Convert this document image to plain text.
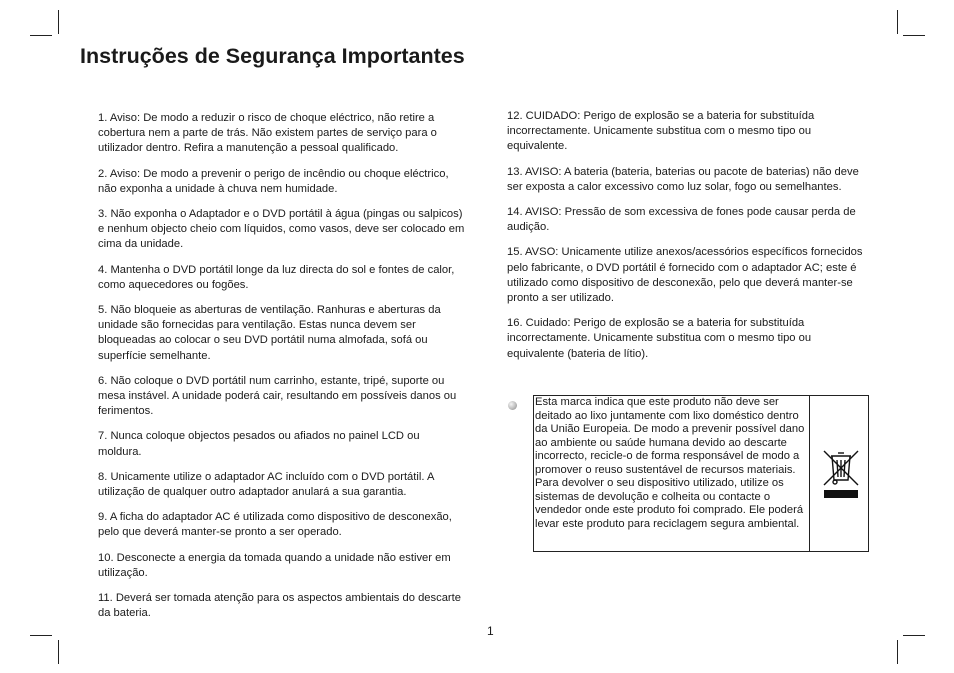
Instruções de Segurança Importantes

1. Aviso: De modo a reduzir o risco de choque eléctrico, não retire a cobertura nem a parte de trás. Não existem partes de serviço para o utilizador dentro. Refira a manutenção a pessoal qualificado.

2. Aviso: De modo a prevenir o perigo de incêndio ou choque eléctrico, não exponha a unidade à chuva nem humidade.

3. Não exponha o Adaptador e o DVD portátil à água (pingas ou salpicos) e nenhum objecto cheio com líquidos, como vasos, deve ser colocado em cima da unidade.

4. Mantenha o DVD portátil longe da luz directa do sol e fontes de calor, como aquecedores ou fogões.

5. Não bloqueie as aberturas de ventilação. Ranhuras e aberturas da unidade são fornecidas para ventilação. Estas nunca devem ser bloqueadas ao colocar o seu DVD portátil numa almofada, sofá ou superfície semelhante.

6. Não coloque o DVD portátil num carrinho, estante, tripé, suporte ou mesa instável. A unidade poderá cair, resultando em possíveis danos ou ferimentos.

7. Nunca coloque objectos pesados ou afiados no painel LCD ou moldura.

8. Unicamente utilize o adaptador AC incluído com o DVD portátil. A utilização de qualquer outro adaptador anulará a sua garantia.

9. A ficha do adaptador AC é utilizada como dispositivo de desconexão, pelo que deverá manter-se pronto a ser operado.

10. Desconecte a energia da tomada quando a unidade não estiver em utilização.

11. Deverá ser tomada atenção para os aspectos ambientais do descarte da bateria.

12. CUIDADO: Perigo de explosão se a bateria for substituída incorrectamente. Unicamente substitua com o mesmo tipo ou equivalente.

13. AVISO: A bateria (bateria, baterias ou pacote de baterias) não deve ser exposta a calor excessivo como luz solar, fogo ou semelhantes.

14. AVISO: Pressão de som excessiva de fones pode causar perda de audição.

15. AVSO: Unicamente utilize anexos/acessórios específicos fornecidos pelo fabricante, o DVD portátil é fornecido com o adaptador AC; este é utilizado como dispositivo de desconexão, pelo que deverá manter-se pronto a ser utilizado.

16. Cuidado: Perigo de explosão se a bateria for substituída incorrectamente. Unicamente substitua com o mesmo tipo ou equivalente (bateria de lítio).

Esta marca indica que este produto não deve ser deitado ao lixo juntamente com lixo doméstico dentro da União Europeia. De modo a prevenir possível dano ao ambiente ou saúde humana devido ao descarte incorrecto, recicle-o de forma responsável de modo a promover o reuso sustentável de recursos materiais. Para devolver o seu dispositivo utilizado, utilize os sistemas de devolução e colheita ou contacte o vendedor onde este produto foi comprado. Ele poderá levar este produto para reciclagem segura ambiental.
1
